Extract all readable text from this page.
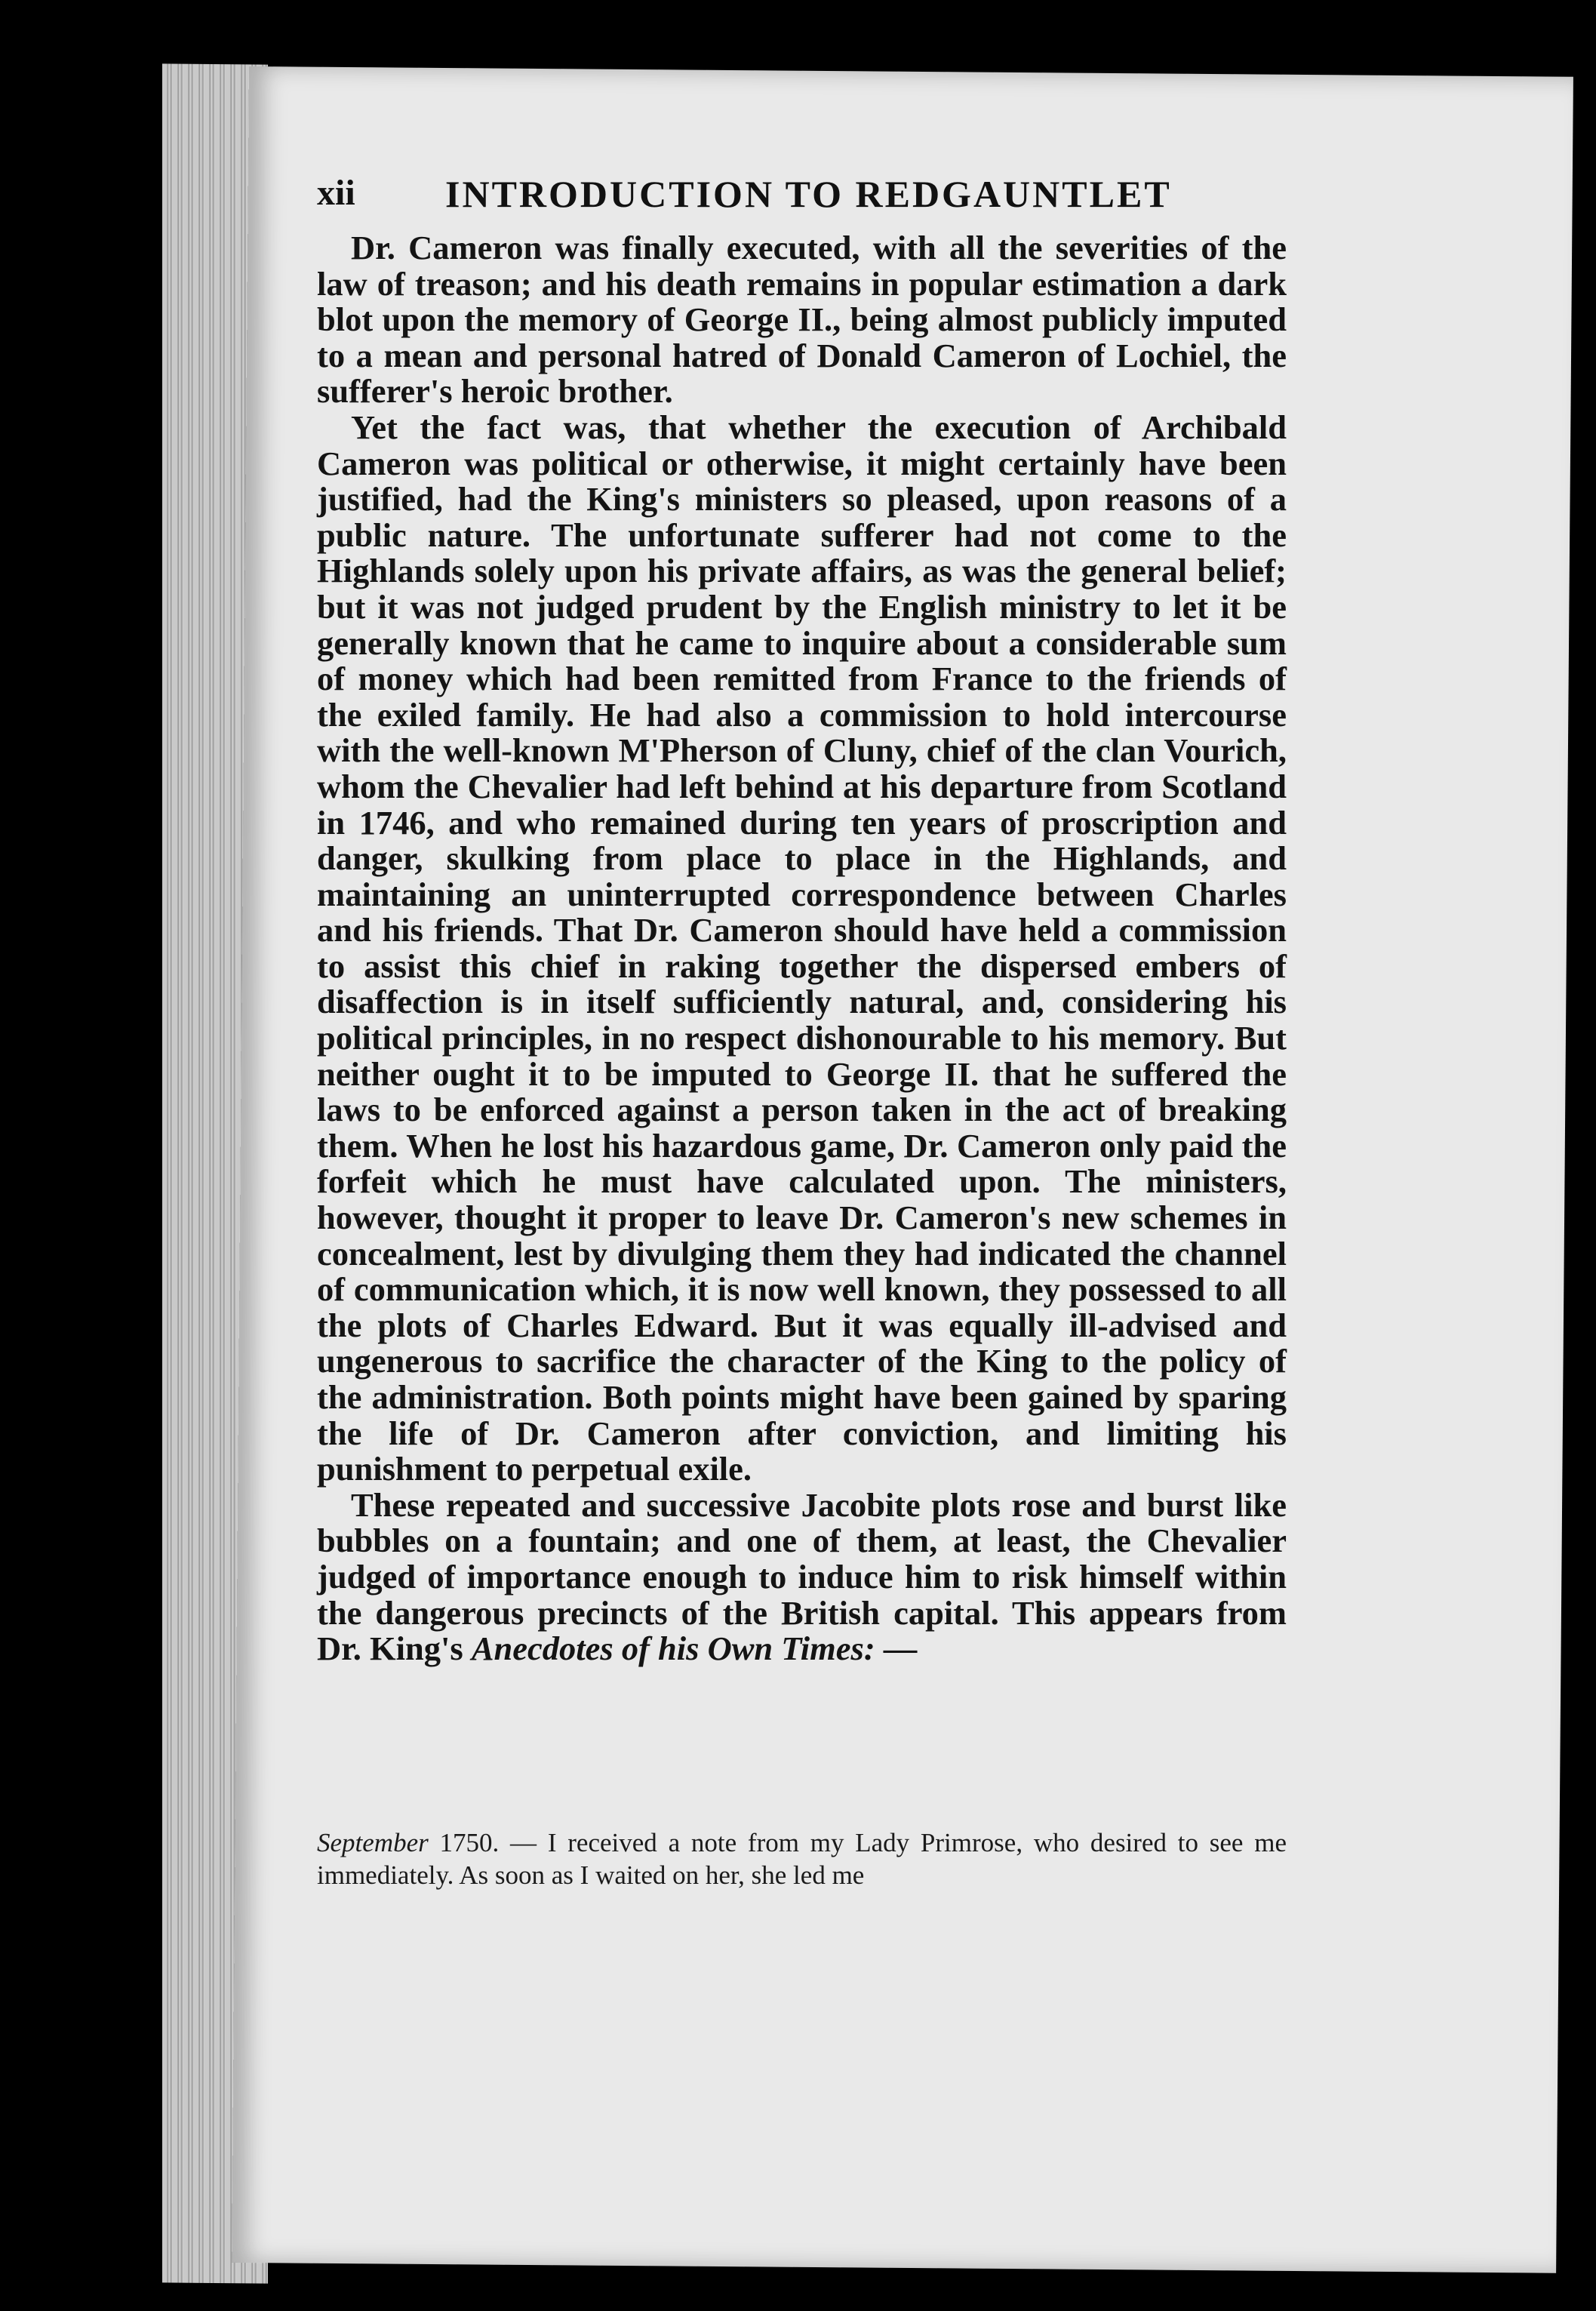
xii INTRODUCTION TO REDGAUNTLET

Dr. Cameron was finally executed, with all the severities of the law of treason; and his death remains in popular estimation a dark blot upon the memory of George II., being almost publicly imputed to a mean and personal hatred of Donald Cameron of Lochiel, the sufferer's heroic brother.

Yet the fact was, that whether the execution of Archibald Cameron was political or otherwise, it might certainly have been justified, had the King's ministers so pleased, upon reasons of a public nature. The unfortunate sufferer had not come to the Highlands solely upon his private affairs, as was the general belief; but it was not judged prudent by the English ministry to let it be generally known that he came to inquire about a considerable sum of money which had been remitted from France to the friends of the exiled family. He had also a commission to hold intercourse with the well-known M'Pherson of Cluny, chief of the clan Vourich, whom the Chevalier had left behind at his departure from Scotland in 1746, and who remained during ten years of proscription and danger, skulking from place to place in the Highlands, and maintaining an uninterrupted correspondence between Charles and his friends. That Dr. Cameron should have held a commission to assist this chief in raking together the dispersed embers of disaffection is in itself sufficiently natural, and, considering his political principles, in no respect dishonourable to his memory. But neither ought it to be imputed to George II. that he suffered the laws to be enforced against a person taken in the act of breaking them. When he lost his hazardous game, Dr. Cameron only paid the forfeit which he must have calculated upon. The ministers, however, thought it proper to leave Dr. Cameron's new schemes in concealment, lest by divulging them they had indicated the channel of communication which, it is now well known, they possessed to all the plots of Charles Edward. But it was equally ill-advised and ungenerous to sacrifice the character of the King to the policy of the administration. Both points might have been gained by sparing the life of Dr. Cameron after conviction, and limiting his punishment to perpetual exile.

These repeated and successive Jacobite plots rose and burst like bubbles on a fountain; and one of them, at least, the Chevalier judged of importance enough to induce him to risk himself within the dangerous precincts of the British capital. This appears from Dr. King's Anecdotes of his Own Times: —

September 1750. — I received a note from my Lady Primrose, who desired to see me immediately. As soon as I waited on her, she led me
